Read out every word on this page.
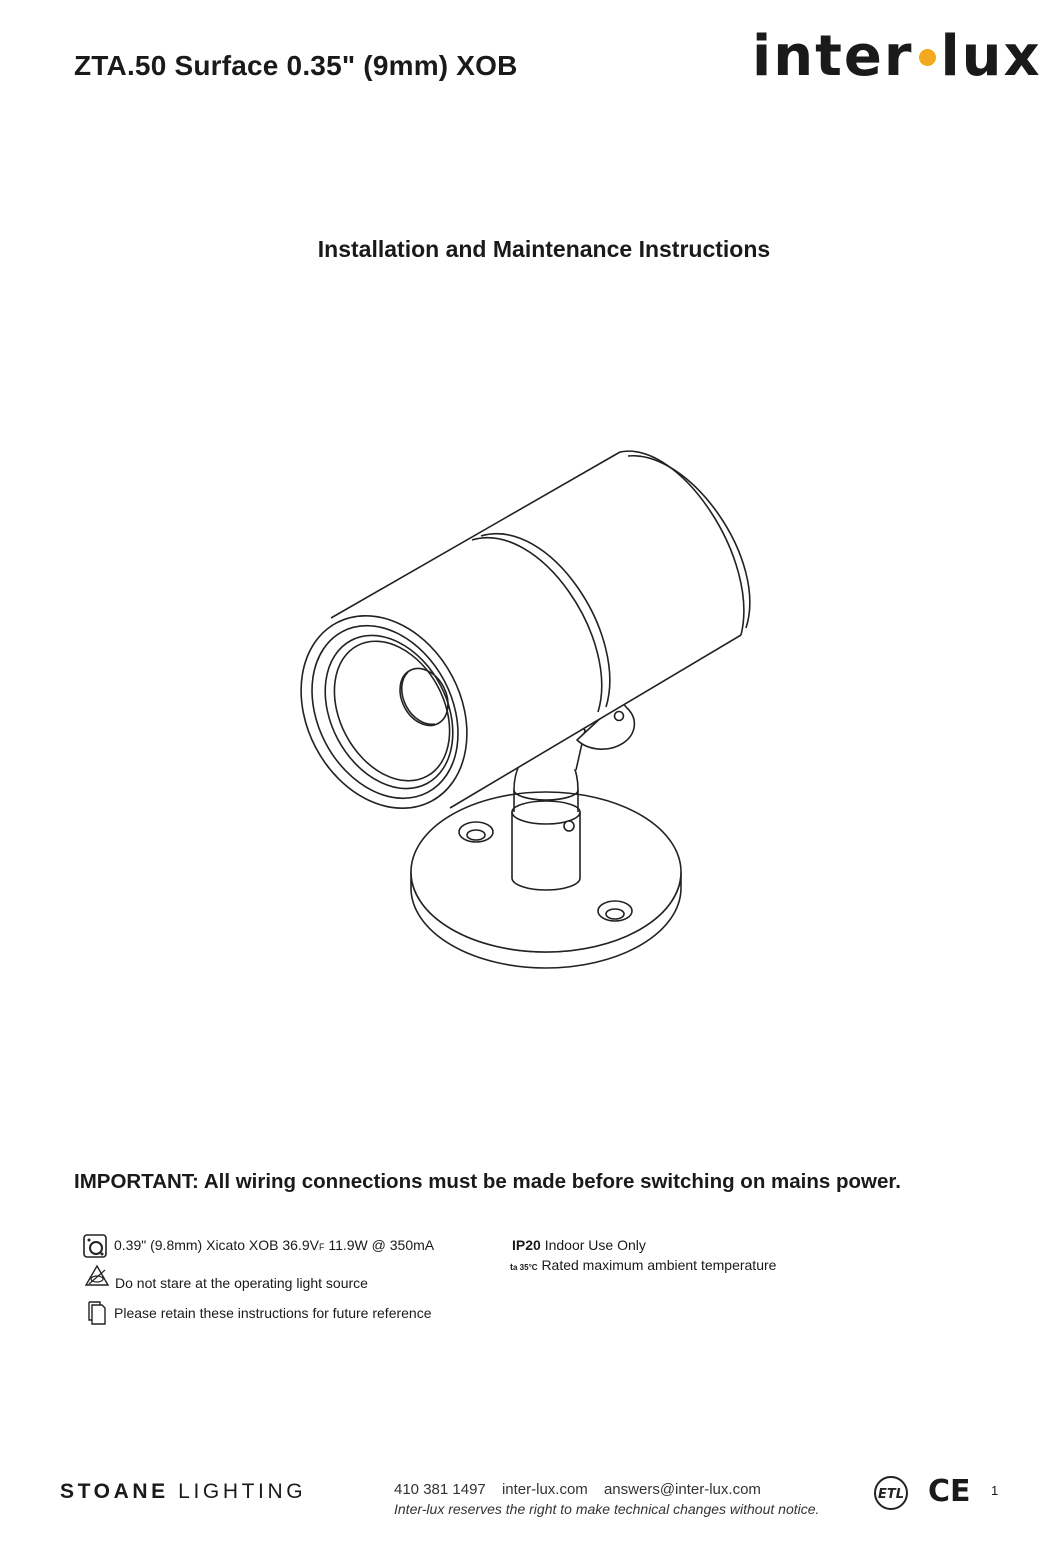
ZTA.50 Surface 0.35" (9mm) XOB	inter lux
Installation and Maintenance Instructions
IMPORTANT: All wiring connections must be made before switching on mains power.
0.39" (9.8mm) Xicato XOB 36.9VF 11.9W @ 350mA
Do not stare at the operating light source
Please retain these instructions for future reference
IP20 Indoor Use Only
ta 35°C Rated maximum ambient temperature
STOANE LIGHTING	410 381 1497 inter-lux.com answers@inter-lux.com
Inter-lux reserves the right to make technical changes without notice.
ETL CE 1
